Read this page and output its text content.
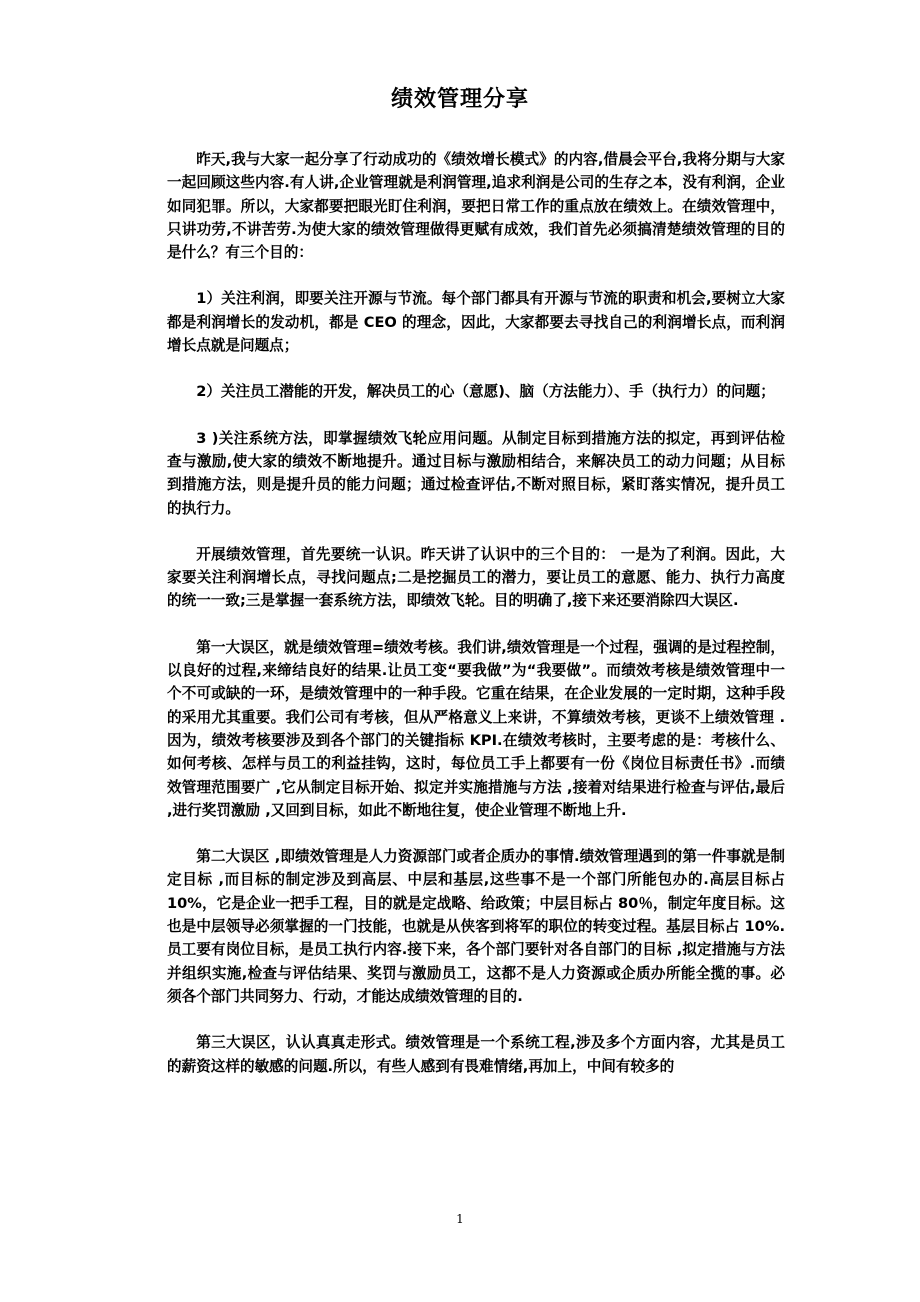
绩效管理分享

昨天,我与大家一起分享了行动成功的《绩效增长模式》的内容,借晨会平台,我将分期与大家一起回顾这些内容.有人讲,企业管理就是利润管理,追求利润是公司的生存之本，没有利润，企业如同犯罪。所以，大家都要把眼光盯住利润，要把日常工作的重点放在绩效上。在绩效管理中，只讲功劳,不讲苦劳.为使大家的绩效管理做得更赋有成效，我们首先必须搞清楚绩效管理的目的是什么？有三个目的：

1）关注利润，即要关注开源与节流。每个部门都具有开源与节流的职责和机会,要树立大家都是利润增长的发动机，都是 CEO 的理念，因此，大家都要去寻找自己的利润增长点，而利润增长点就是问题点；

2）关注员工潜能的开发，解决员工的心（意愿)、脑（方法能力）、手（执行力）的问题；

3 )关注系统方法，即掌握绩效飞轮应用问题。从制定目标到措施方法的拟定，再到评估检查与激励,使大家的绩效不断地提升。通过目标与激励相结合，来解决员工的动力问题；从目标到措施方法，则是提升员的能力问题；通过检查评估,不断对照目标，紧盯落实情况，提升员工的执行力。

开展绩效管理，首先要统一认识。昨天讲了认识中的三个目的： 一是为了利润。因此，大家要关注利润增长点，寻找问题点;二是挖掘员工的潜力，要让员工的意愿、能力、执行力高度的统一一致;三是掌握一套系统方法，即绩效飞轮。目的明确了,接下来还要消除四大误区.

第一大误区，就是绩效管理=绩效考核。我们讲,绩效管理是一个过程，强调的是过程控制，以良好的过程,来缔结良好的结果.让员工变“要我做”为“我要做”。而绩效考核是绩效管理中一个不可或缺的一环，是绩效管理中的一种手段。它重在结果，在企业发展的一定时期，这种手段的采用尤其重要。我们公司有考核，但从严格意义上来讲，不算绩效考核，更谈不上绩效管理 .因为，绩效考核要涉及到各个部门的关键指标 KPI.在绩效考核时，主要考虑的是：考核什么、如何考核、怎样与员工的利益挂钩，这时，每位员工手上都要有一份《岗位目标责任书》.而绩效管理范围要广 ,它从制定目标开始、拟定并实施措施与方法 ,接着对结果进行检查与评估,最后 ,进行奖罚激励 ,又回到目标，如此不断地往复，使企业管理不断地上升.

第二大误区 ,即绩效管理是人力资源部门或者企质办的事情.绩效管理遇到的第一件事就是制定目标 ,而目标的制定涉及到高层、中层和基层,这些事不是一个部门所能包办的.高层目标占 10%，它是企业一把手工程，目的就是定战略、给政策；中层目标占 80％，制定年度目标。这也是中层领导必须掌握的一门技能，也就是从侠客到将军的职位的转变过程。基层目标占 10%.员工要有岗位目标，是员工执行内容.接下来，各个部门要针对各自部门的目标 ,拟定措施与方法并组织实施,检查与评估结果、奖罚与激励员工，这都不是人力资源或企质办所能全揽的事。必须各个部门共同努力、行动，才能达成绩效管理的目的.

第三大误区，认认真真走形式。绩效管理是一个系统工程,涉及多个方面内容，尤其是员工的薪资这样的敏感的问题.所以，有些人感到有畏难情绪,再加上，中间有较多的

1
